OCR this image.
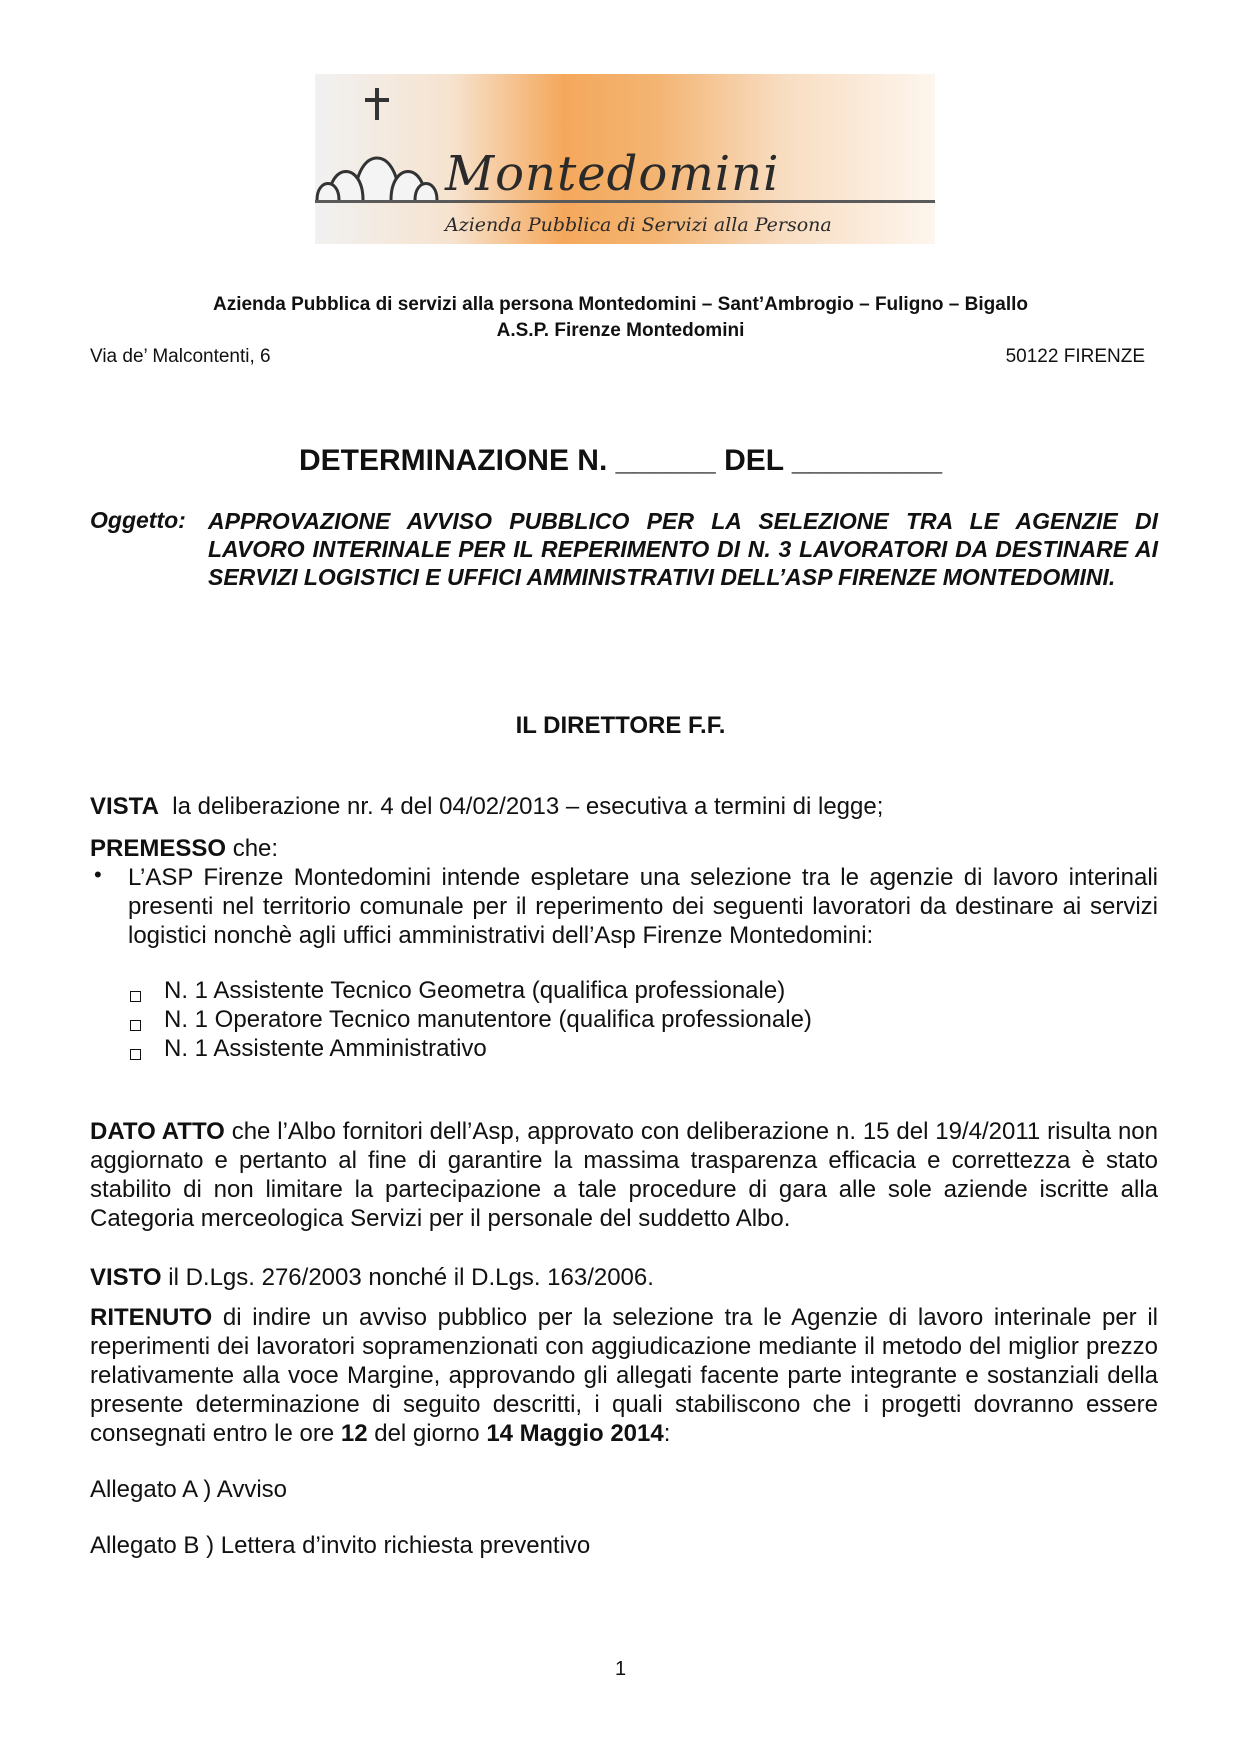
Montedomini
Azienda Pubblica di Servizi alla Persona
Azienda Pubblica di servizi alla persona Montedomini – Sant’Ambrogio – Fuligno – Bigallo
A.S.P. Firenze Montedomini
Via de’ Malcontenti, 6	50122 FIRENZE
DETERMINAZIONE N. ______ DEL _________
Oggetto: APPROVAZIONE AVVISO PUBBLICO PER LA SELEZIONE TRA LE AGENZIE DI LAVORO INTERINALE PER IL REPERIMENTO DI N. 3 LAVORATORI DA DESTINARE AI SERVIZI LOGISTICI E UFFICI AMMINISTRATIVI DELL’ASP FIRENZE MONTEDOMINI.
IL DIRETTORE F.F.
VISTA la deliberazione nr. 4 del 04/02/2013 – esecutiva a termini di legge;
PREMESSO che:
• L’ASP Firenze Montedomini intende espletare una selezione tra le agenzie di lavoro interinali presenti nel territorio comunale per il reperimento dei seguenti lavoratori da destinare ai servizi logistici nonchè agli uffici amministrativi dell’Asp Firenze Montedomini:
N. 1 Assistente Tecnico Geometra (qualifica professionale)
N. 1 Operatore Tecnico manutentore (qualifica professionale)
N. 1 Assistente Amministrativo
DATO ATTO che l’Albo fornitori dell’Asp, approvato con deliberazione n. 15 del 19/4/2011 risulta non aggiornato e pertanto al fine di garantire la massima trasparenza efficacia e correttezza è stato stabilito di non limitare la partecipazione a tale procedure di gara alle sole aziende iscritte alla Categoria merceologica Servizi per il personale del suddetto Albo.
VISTO il D.Lgs. 276/2003 nonché il D.Lgs. 163/2006.
RITENUTO di indire un avviso pubblico per la selezione tra le Agenzie di lavoro interinale per il reperimenti dei lavoratori sopramenzionati con aggiudicazione mediante il metodo del miglior prezzo relativamente alla voce Margine, approvando gli allegati facente parte integrante e sostanziali della presente determinazione di seguito descritti, i quali stabiliscono che i progetti dovranno essere consegnati entro le ore 12 del giorno 14 Maggio 2014:
Allegato A ) Avviso
Allegato B ) Lettera d’invito richiesta preventivo
1
